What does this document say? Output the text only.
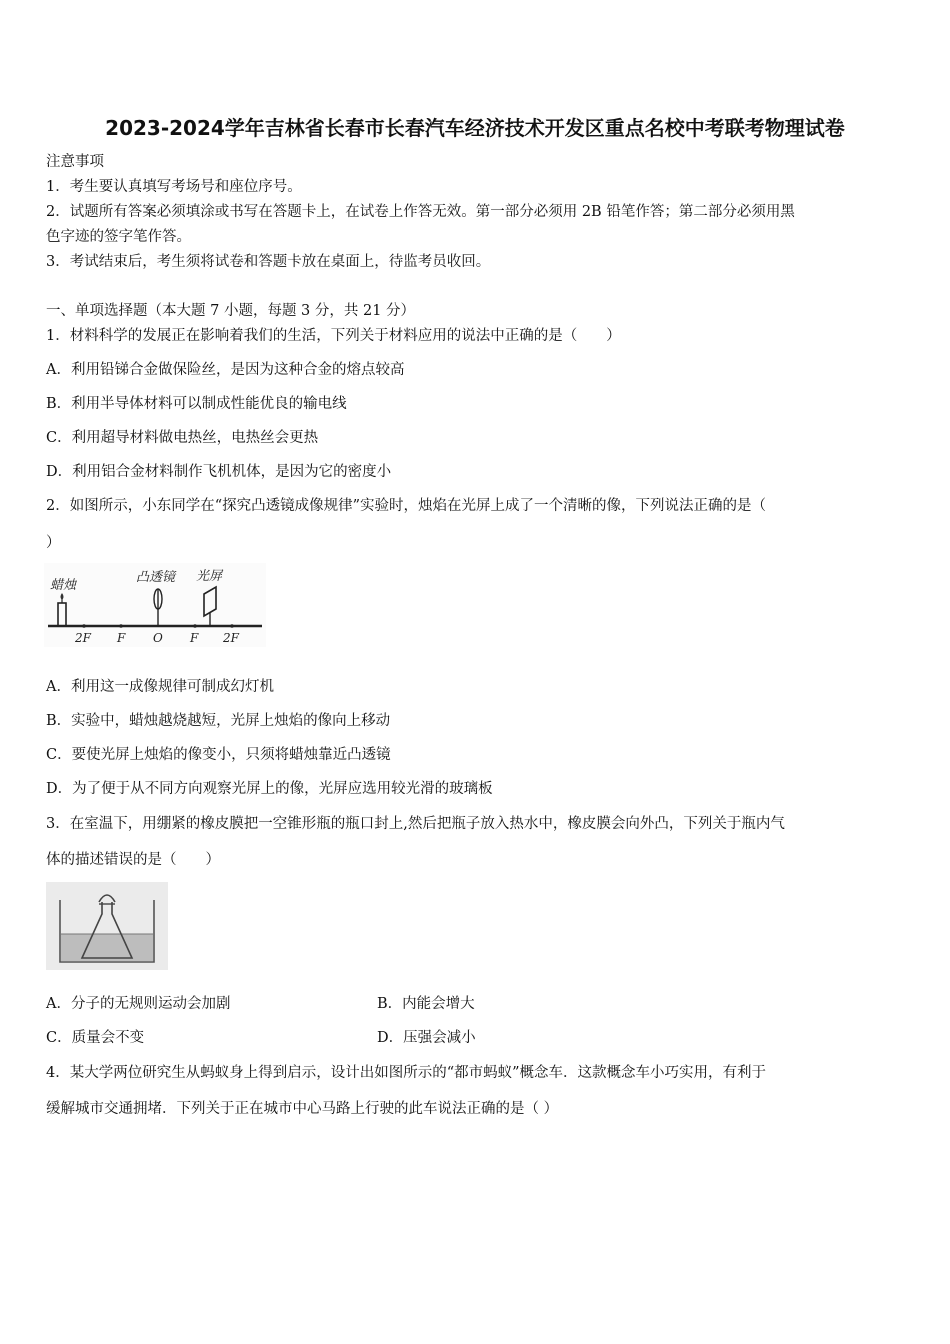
2023-2024学年吉林省长春市长春汽车经济技术开发区重点名校中考联考物理试卷
注意事项
1．考生要认真填写考场号和座位序号。
2．试题所有答案必须填涂或书写在答题卡上，在试卷上作答无效。第一部分必须用 2B 铅笔作答；第二部分必须用黑
色字迹的签字笔作答。
3．考试结束后，考生须将试卷和答题卡放在桌面上，待监考员收回。
一、单项选择题（本大题 7 小题，每题 3 分，共 21 分）
1．材料科学的发展正在影响着我们的生活，下列关于材料应用的说法中正确的是（　　）
A．利用铅锑合金做保险丝，是因为这种合金的熔点较高
B．利用半导体材料可以制成性能优良的输电线
C．利用超导材料做电热丝，电热丝会更热
D．利用铝合金材料制作飞机机体，是因为它的密度小
2．如图所示，小东同学在“探究凸透镜成像规律”实验时，烛焰在光屏上成了一个清晰的像，下列说法正确的是（
）
蜡烛
凸透镜 光屏
2F F O F 2F
A．利用这一成像规律可制成幻灯机
B．实验中，蜡烛越烧越短，光屏上烛焰的像向上移动
C．要使光屏上烛焰的像变小，只须将蜡烛靠近凸透镜
D．为了便于从不同方向观察光屏上的像，光屏应选用较光滑的玻璃板
3．在室温下，用绷紧的橡皮膜把一空锥形瓶的瓶口封上,然后把瓶子放入热水中，橡皮膜会向外凸，下列关于瓶内气
体的描述错误的是（　　）
A．分子的无规则运动会加剧	B．内能会增大
C．质量会不变	D．压强会减小
4．某大学两位研究生从蚂蚁身上得到启示，设计出如图所示的“都市蚂蚁”概念车．这款概念车小巧实用，有利于
缓解城市交通拥堵．下列关于正在城市中心马路上行驶的此车说法正确的是（ ）
